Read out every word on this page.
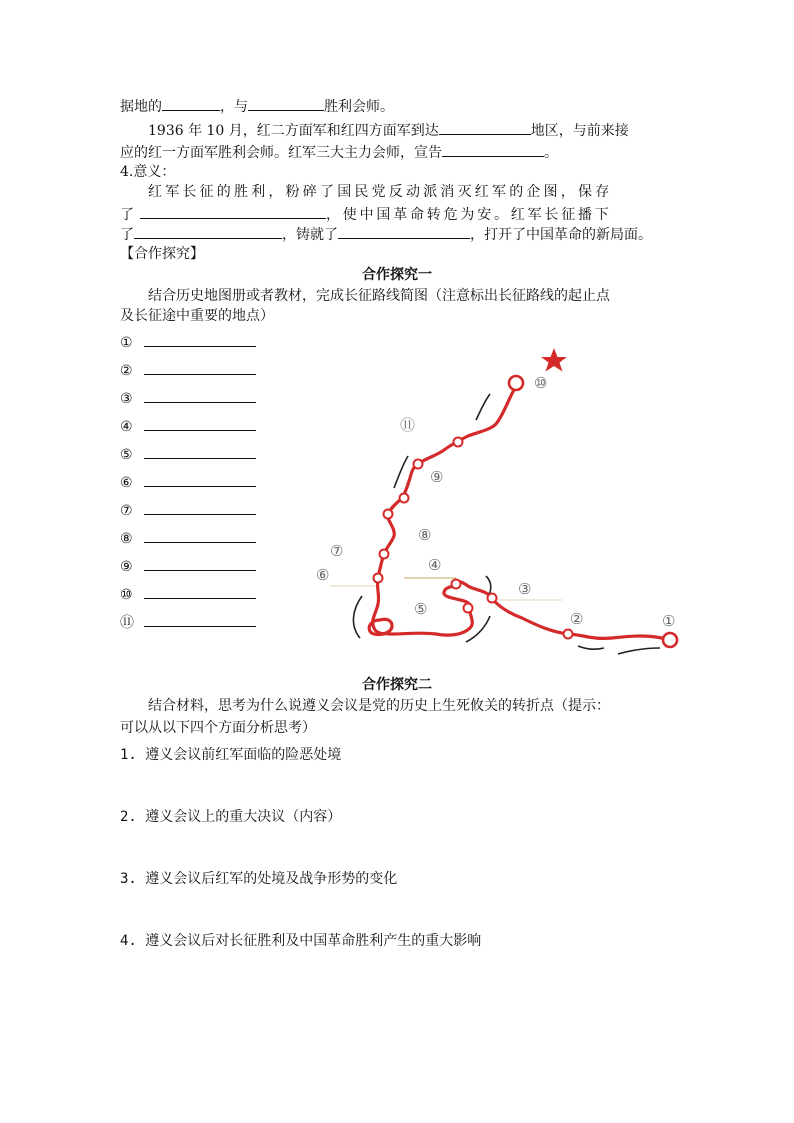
据地的	，与	胜利会师。
1936 年 10 月，红二方面军和红四方面军到达	地区，与前来接
应的红一方面军胜利会师。红军三大主力会师，宣告	。
4.意义：
红军长征的胜利，粉碎了国民党反动派消灭红军的企图，保存
了	，使中国革命转危为安。红军长征播下
了	，铸就了	，打开了中国革命的新局面。
【合作探究】
合作探究一
结合历史地图册或者教材，完成长征路线简图（注意标出长征路线的起止点
及长征途中重要的地点）
①
②
③
④
⑤
⑥
⑦
⑧
⑨
⑩
⑪	①
②
③
④
⑤
⑥
⑦
⑧
⑨
⑩
⑪
合作探究二
结合材料，思考为什么说遵义会议是党的历史上生死攸关的转折点（提示：
可以从以下四个方面分析思考）
1. 遵义会议前红军面临的险恶处境
2. 遵义会议上的重大决议（内容）
3. 遵义会议后红军的处境及战争形势的变化
4. 遵义会议后对长征胜利及中国革命胜利产生的重大影响
